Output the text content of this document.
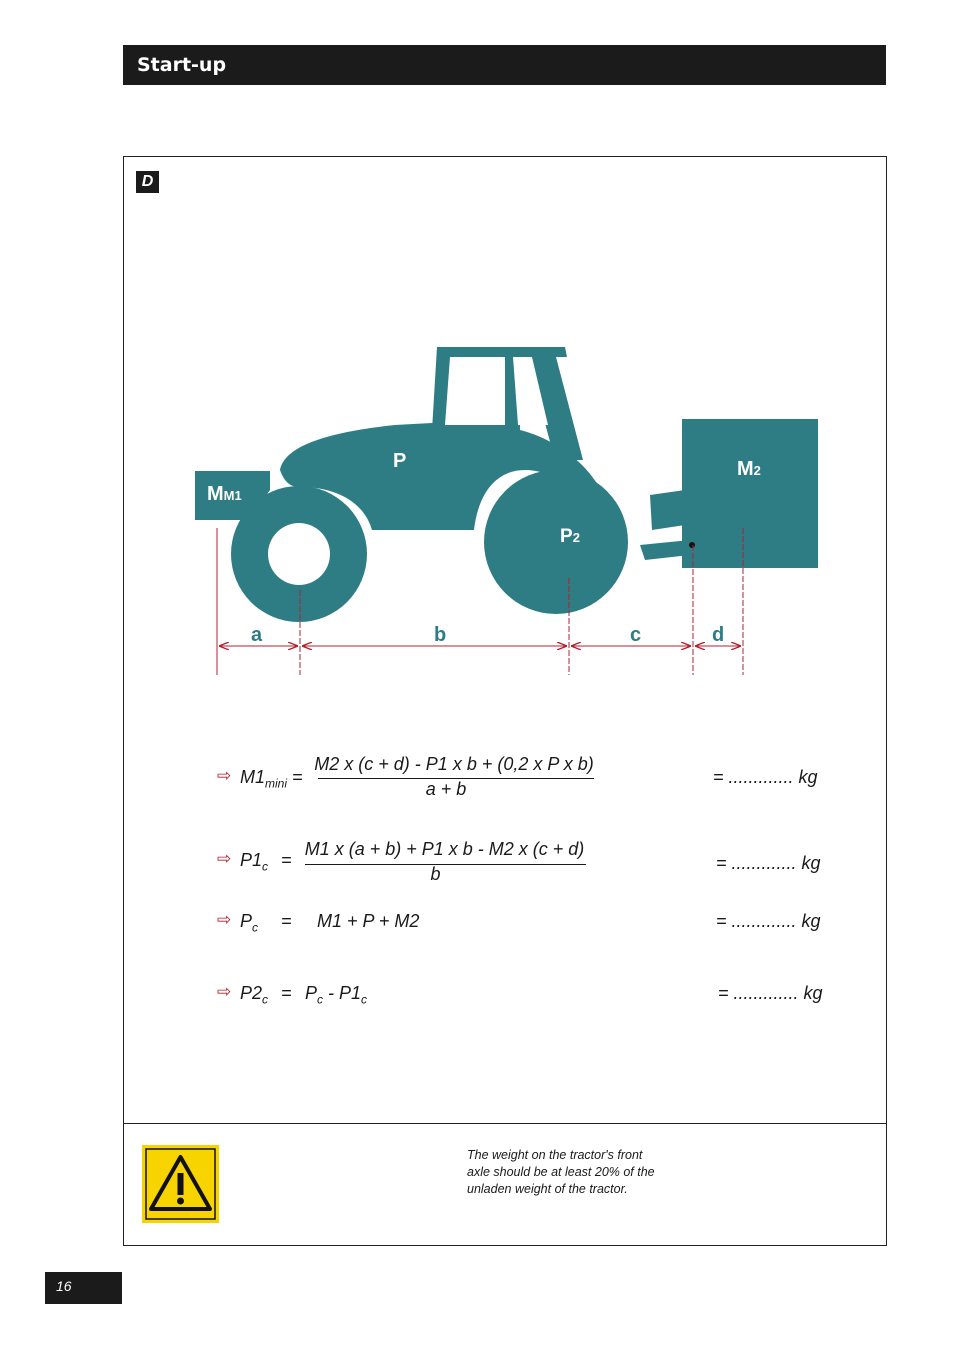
Start-up
D
MM1
M2
P
P1
P2
a	b	c	d
⇨ $M1_{mini}$ =
M2 x (c + d) - P1 x b + (0,2 x P x b)
a + b
= ............. kg
⇨ $P1_c$ =
M1 x (a + b) + P1 x b - M2 x (c + d)
b
= ............. kg
⇨ $P_c = M1 + P + M2$	= ............. kg
⇨ $P2_c = P_c - P1_c$	= ............. kg
The weight on the tractor's front axle should be at least 20% of the unladen weight of the tractor.
16
